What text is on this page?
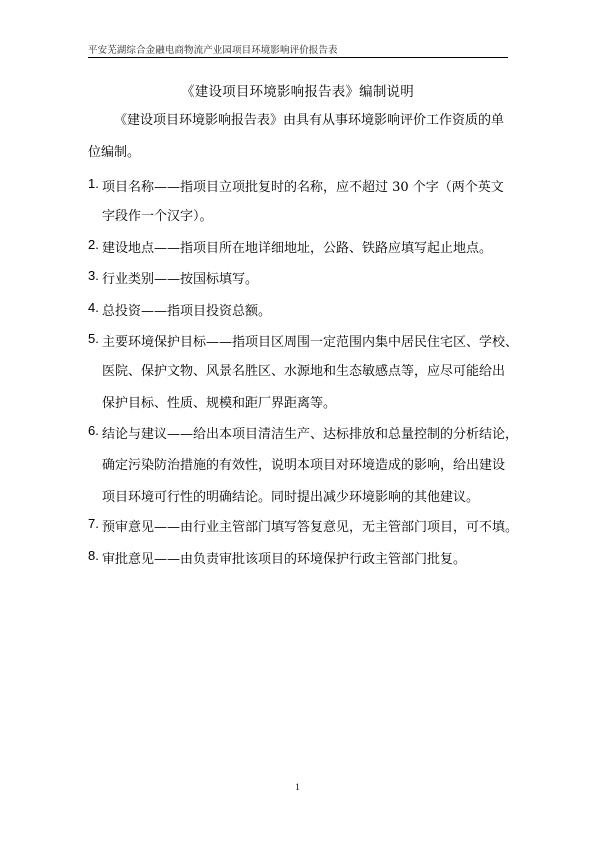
平安芜湖综合金融电商物流产业园项目环境影响评价报告表
《建设项目环境影响报告表》编制说明
《建设项目环境影响报告表》由具有从事环境影响评价工作资质的单
位编制。
1. 项目名称——指项目立项批复时的名称，应不超过 30 个字（两个英文
字段作一个汉字）。
2. 建设地点——指项目所在地详细地址，公路、铁路应填写起止地点。
3. 行业类别——按国标填写。
4. 总投资——指项目投资总额。
5. 主要环境保护目标——指项目区周围一定范围内集中居民住宅区、学校、
医院、保护文物、风景名胜区、水源地和生态敏感点等，应尽可能给出
保护目标、性质、规模和距厂界距离等。
6. 结论与建议——给出本项目清洁生产、达标排放和总量控制的分析结论，
确定污染防治措施的有效性，说明本项目对环境造成的影响，给出建设
项目环境可行性的明确结论。同时提出减少环境影响的其他建议。
7. 预审意见——由行业主管部门填写答复意见，无主管部门项目，可不填。
8. 审批意见——由负责审批该项目的环境保护行政主管部门批复。
1
